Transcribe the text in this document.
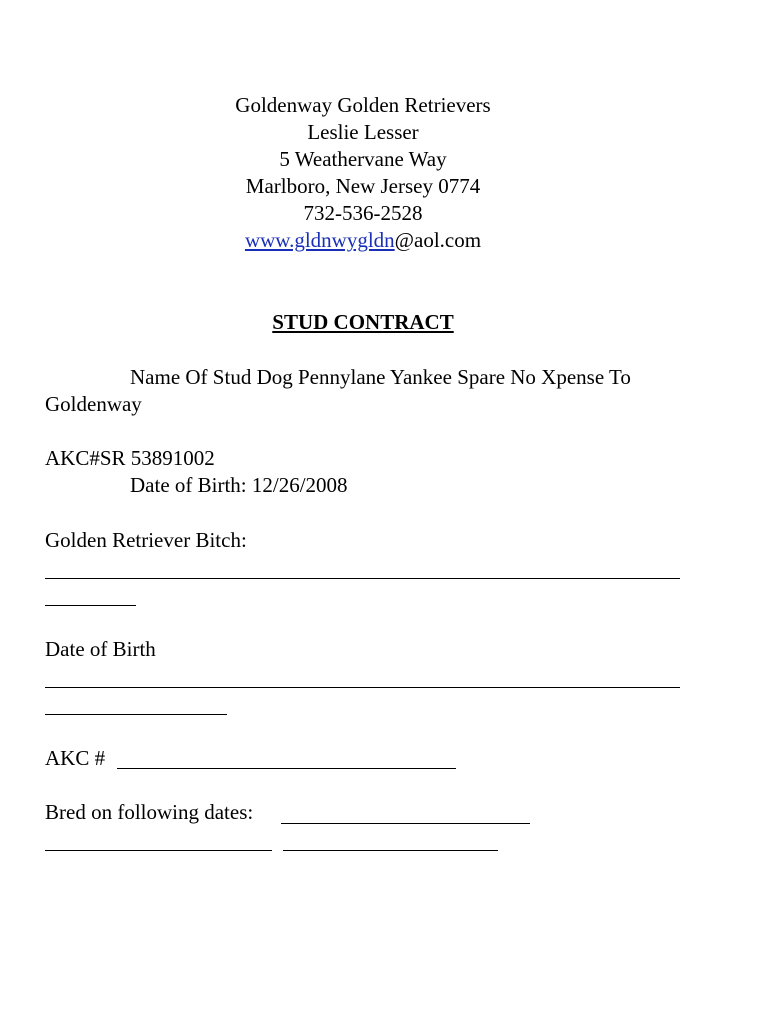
Goldenway Golden Retrievers
Leslie Lesser
5 Weathervane Way
Marlboro, New Jersey 0774
732-536-2528
www.gldnwygldn@aol.com
STUD CONTRACT
Name Of Stud Dog Pennylane Yankee Spare No Xpense To
Goldenway
AKC#SR 53891002
Date of Birth: 12/26/2008
Golden Retriever Bitch:
Date of Birth
AKC #
Bred on following dates:
